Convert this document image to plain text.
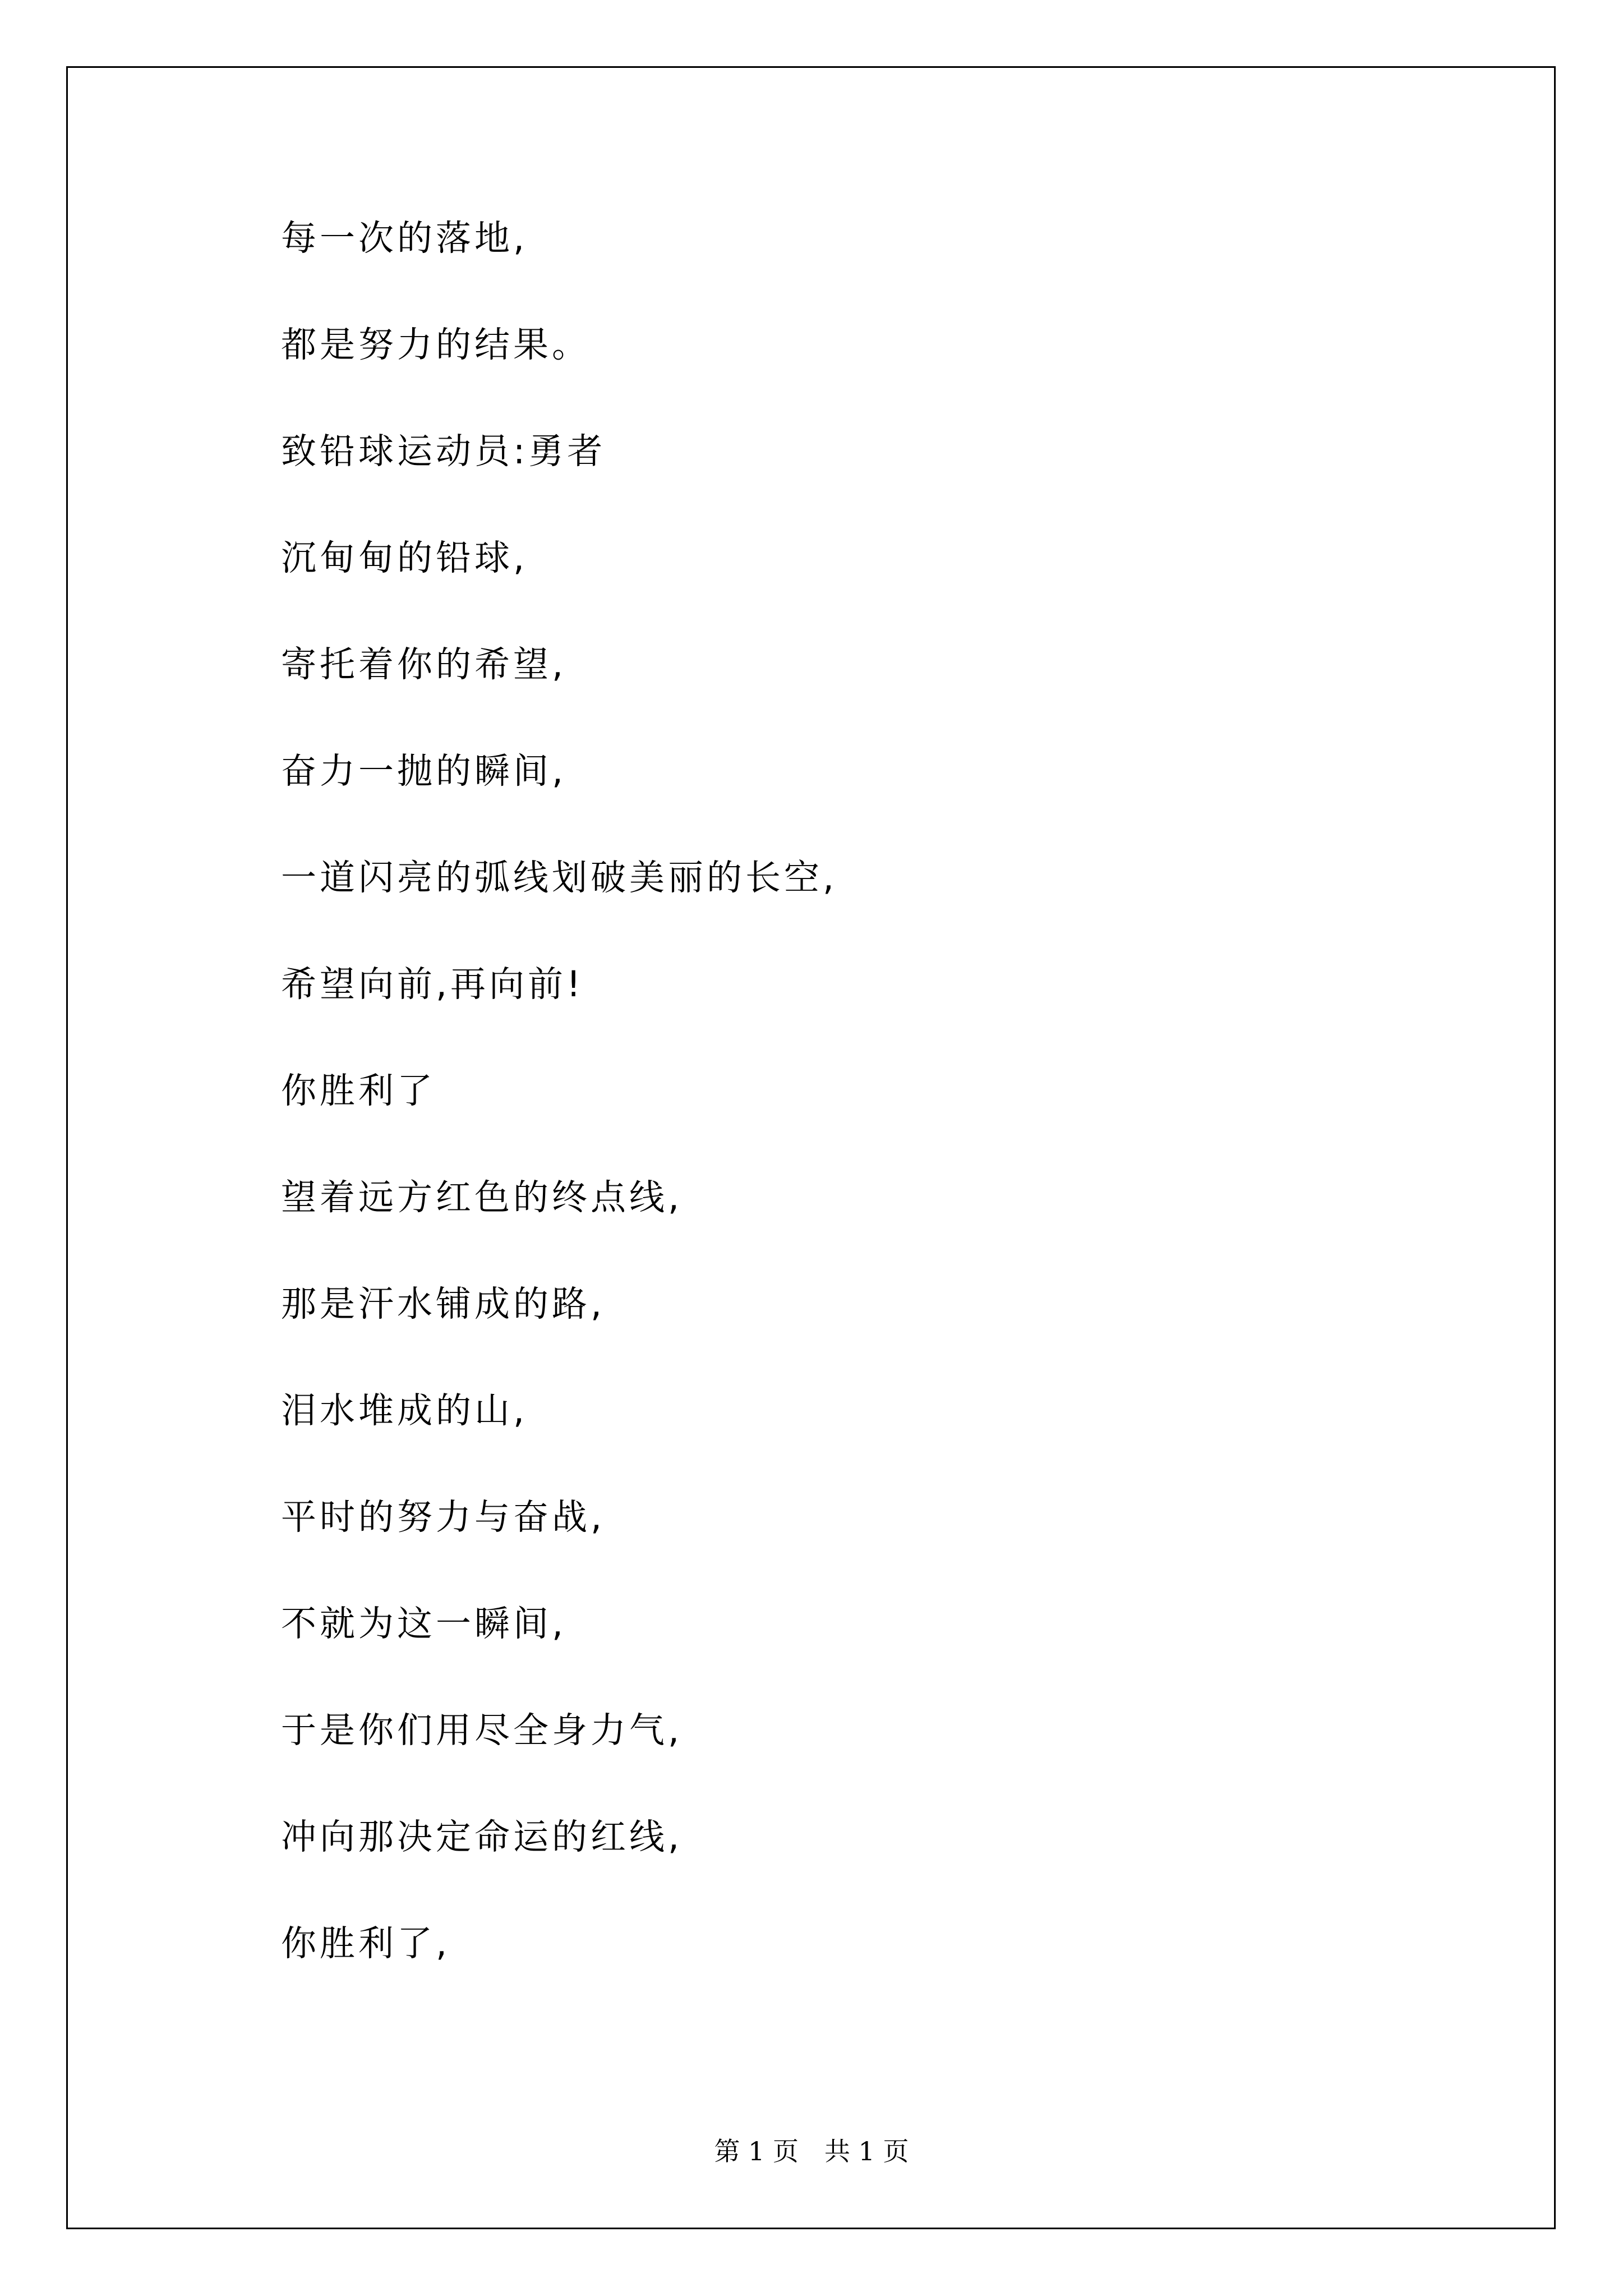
每一次的落地,
都是努力的结果。
致铅球运动员:勇者
沉甸甸的铅球,
寄托着你的希望,
奋力一抛的瞬间,
一道闪亮的弧线划破美丽的长空,
希望向前,再向前!
你胜利了
望着远方红色的终点线,
那是汗水铺成的路,
泪水堆成的山,
平时的努力与奋战,
不就为这一瞬间,
于是你们用尽全身力气,
冲向那决定命运的红线,
你胜利了,
第 1 页 共 1 页
